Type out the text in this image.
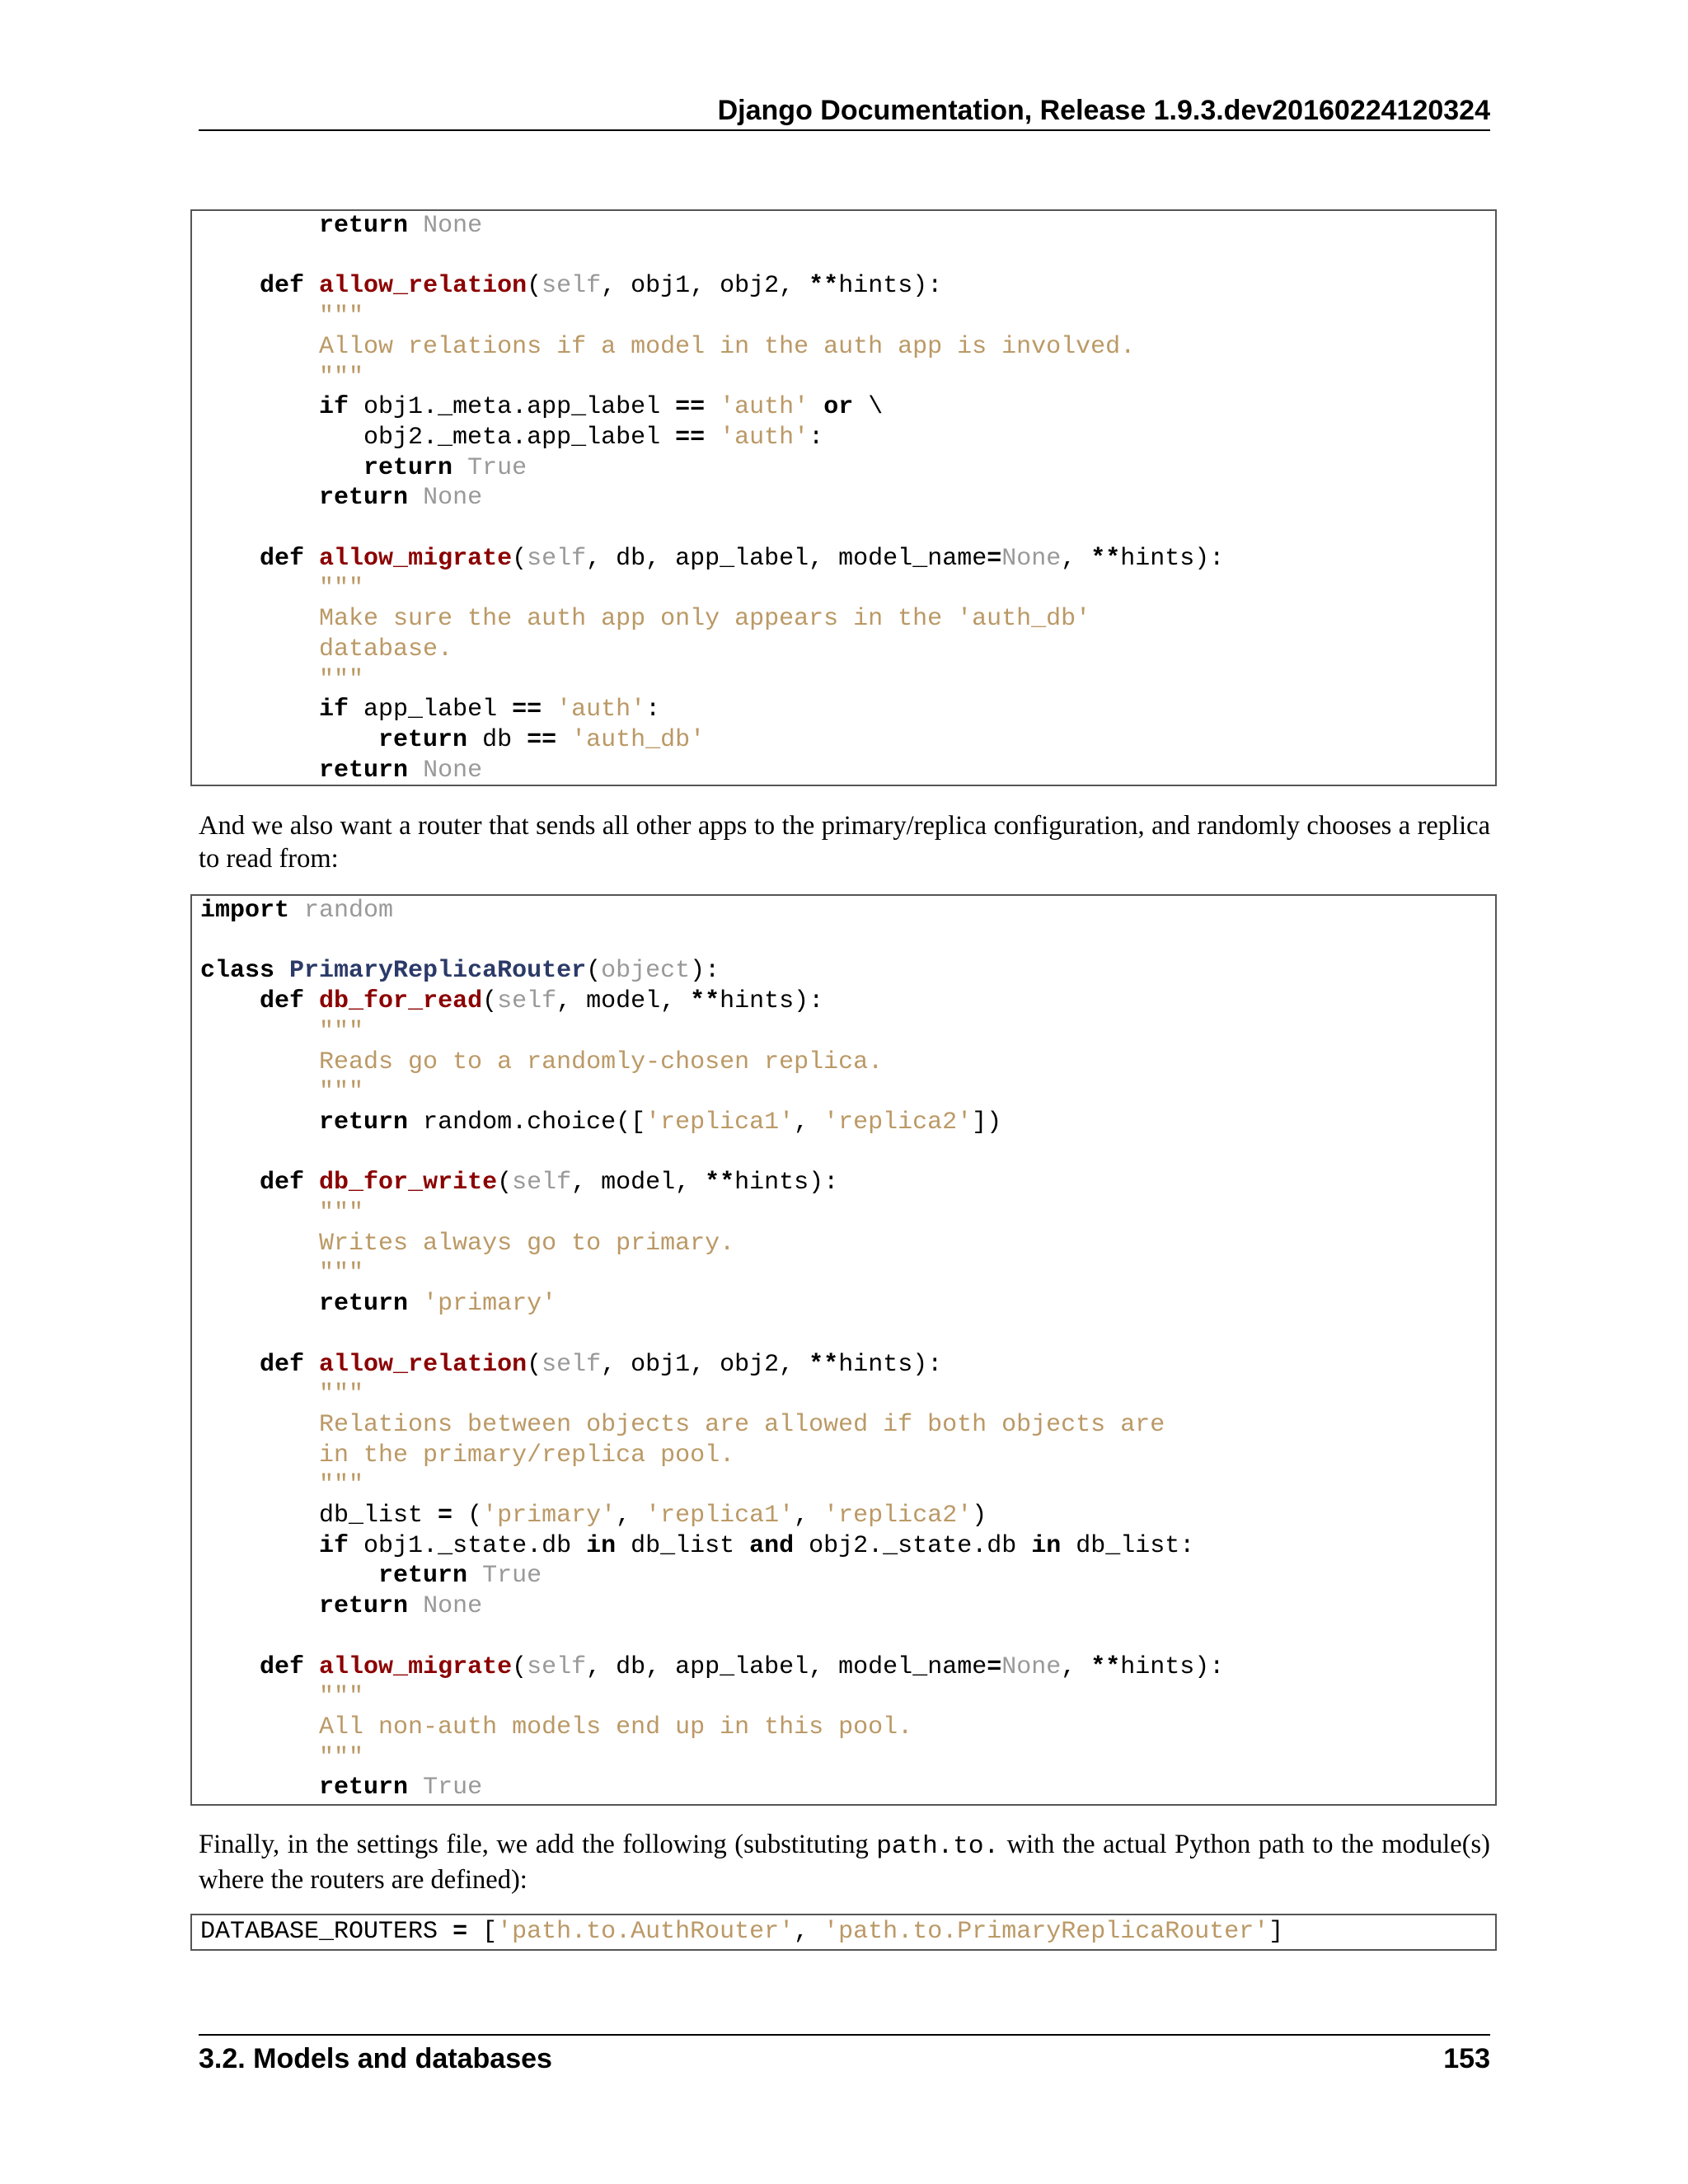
Django Documentation, Release 1.9.3.dev20160224120324
return None

def allow_relation(self, obj1, obj2, **hints):
"""
Allow relations if a model in the auth app is involved.
"""
if obj1._meta.app_label == 'auth' or \
obj2._meta.app_label == 'auth':
return True
return None

def allow_migrate(self, db, app_label, model_name=None, **hints):
"""
Make sure the auth app only appears in the 'auth_db'
database.
"""
if app_label == 'auth':
return db == 'auth_db'
return None

And we also want a router that sends all other apps to the primary/replica configuration, and randomly chooses a replica to read from:

import random

class PrimaryReplicaRouter(object):
def db_for_read(self, model, **hints):
"""
Reads go to a randomly-chosen replica.
"""
return random.choice(['replica1', 'replica2'])

def db_for_write(self, model, **hints):
"""
Writes always go to primary.
"""
return 'primary'

def allow_relation(self, obj1, obj2, **hints):
"""
Relations between objects are allowed if both objects are
in the primary/replica pool.
"""
db_list = ('primary', 'replica1', 'replica2')
if obj1._state.db in db_list and obj2._state.db in db_list:
return True
return None

def allow_migrate(self, db, app_label, model_name=None, **hints):
"""
All non-auth models end up in this pool.
"""
return True

Finally, in the settings file, we add the following (substituting path.to. with the actual Python path to the module(s) where the routers are defined):

DATABASE_ROUTERS = ['path.to.AuthRouter', 'path.to.PrimaryReplicaRouter']
3.2. Models and databases	153
